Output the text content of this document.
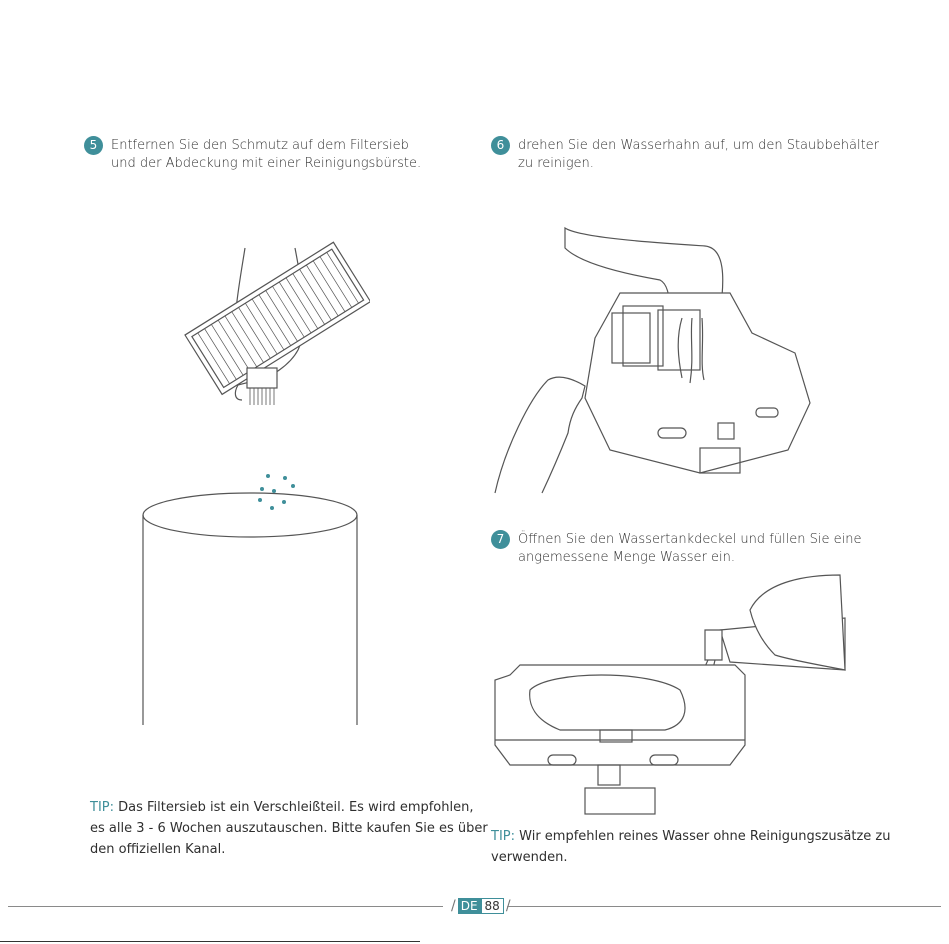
5	Entfernen Sie den Schmutz auf dem Filtersieb
und der Abdeckung mit einer Reinigungsbürste.
6	drehen Sie den Wasserhahn auf, um den Staubbehälter
zu reinigen.
7	Öffnen Sie den Wassertankdeckel und füllen Sie eine
angemessene Menge Wasser ein.
TIP: Das Filtersieb ist ein Verschleißteil. Es wird empfohlen,
es alle 3 - 6 Wochen auszutauschen. Bitte kaufen Sie es über
den offiziellen Kanal.
TIP: Wir empfehlen reines Wasser ohne Reinigungszusätze zu
verwenden.
/ DE 88
